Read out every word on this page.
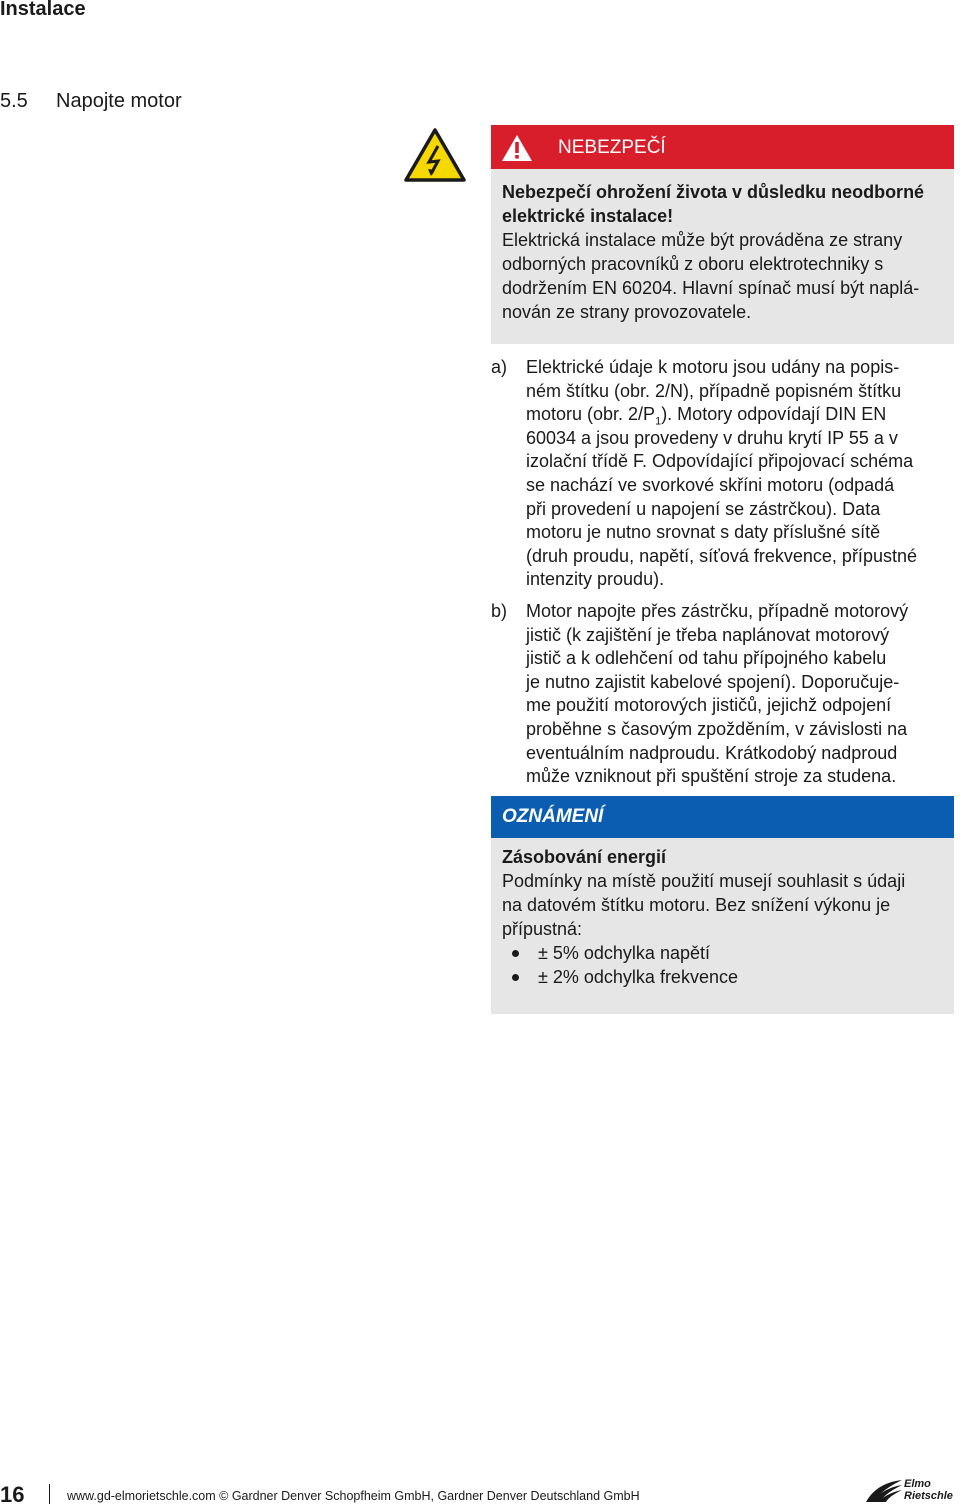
Instalace
5.5 Napojte motor
NEBEZPEČÍ

Nebezpečí ohrožení života v důsledku neodborné

elektrické instalace!

Elektrická instalace může být prováděna ze strany

odborných pracovníků z oboru elektrotechniky s

dodržením EN 60204. Hlavní spínač musí být naplá-

nován ze strany provozovatele.

a) Elektrické údaje k motoru jsou udány na popis-
ném štítku (obr. 2/N), případně popisném štítku
motoru (obr. $2/P_1$). Motory odpovídají DIN EN
60034 a jsou provedeny v druhu krytí IP 55 a v
izolační třídě F. Odpovídající připojovací schéma
se nachází ve svorkové skříni motoru (odpadá
při provedení u napojení se zástrčkou). Data
motoru je nutno srovnat s daty příslušné sítě
(druh proudu, napětí, síťová frekvence, přípustné
intenzity proudu).
b) Motor napojte přes zástrčku, případně motorový
jistič (k zajištění je třeba naplánovat motorový
jistič a k odlehčení od tahu přípojného kabelu
je nutno zajistit kabelové spojení). Doporučuje-
me použití motorových jističů, jejichž odpojení
proběhne s časovým zpožděním, v závislosti na
eventuálním nadproudu. Krátkodobý nadproud
může vzniknout při spuštění stroje za studena.
OZNÁMENÍ

Zásobování energií

Podmínky na místě použití musejí souhlasit s údaji

na datovém štítku motoru. Bez snížení výkonu je

přípustná:

± 5% odchylka napětí
± 2% odchylka frekvence
16	www.gd-elmorietschle.com © Gardner Denver Schopfheim GmbH, Gardner Denver Deutschland GmbH
Elmo
Rietschle
